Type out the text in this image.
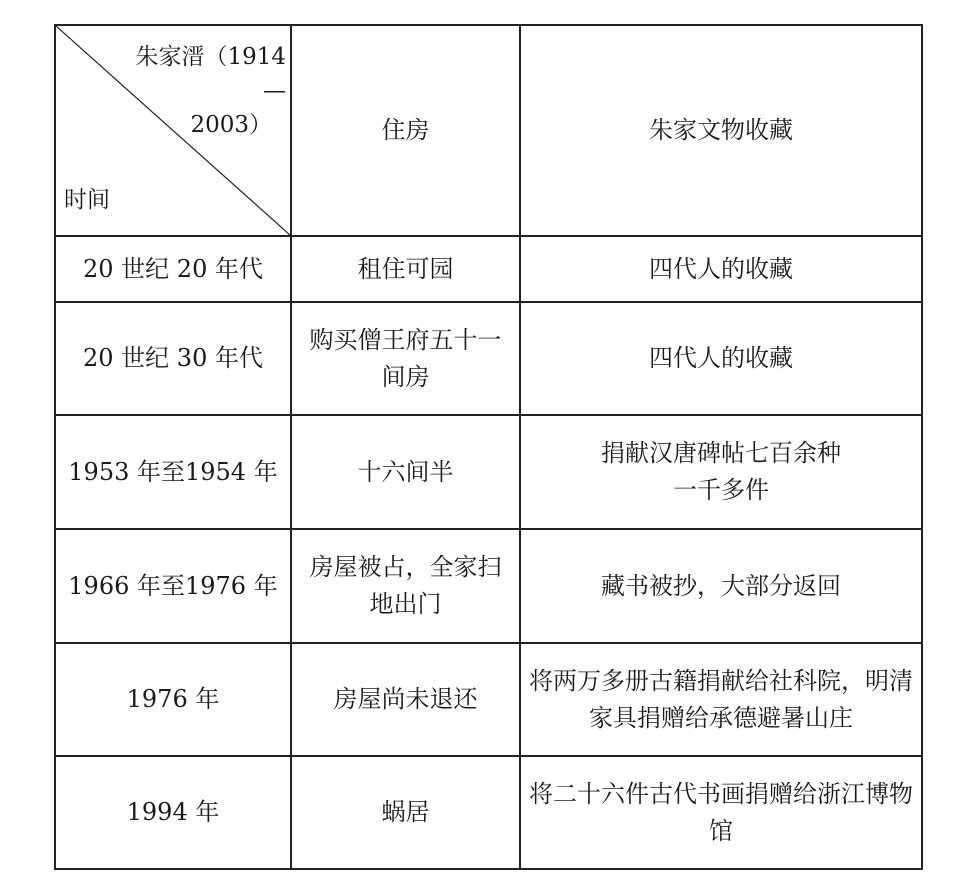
朱家溍（1914
—
2003）
时间	住房	朱家文物收藏
20 世纪 20 年代	租住可园	四代人的收藏
20 世纪 30 年代	购买僧王府五十一间房	四代人的收藏
1953 年至1954 年	十六间半	捐献汉唐碑帖七百余种
一千多件
1966 年至1976 年	房屋被占，全家扫地出门	藏书被抄，大部分返回
1976 年	房屋尚未退还	将两万多册古籍捐献给社科院，明清家具捐赠给承德避暑山庄
1994 年	蜗居	将二十六件古代书画捐赠给浙江博物馆
